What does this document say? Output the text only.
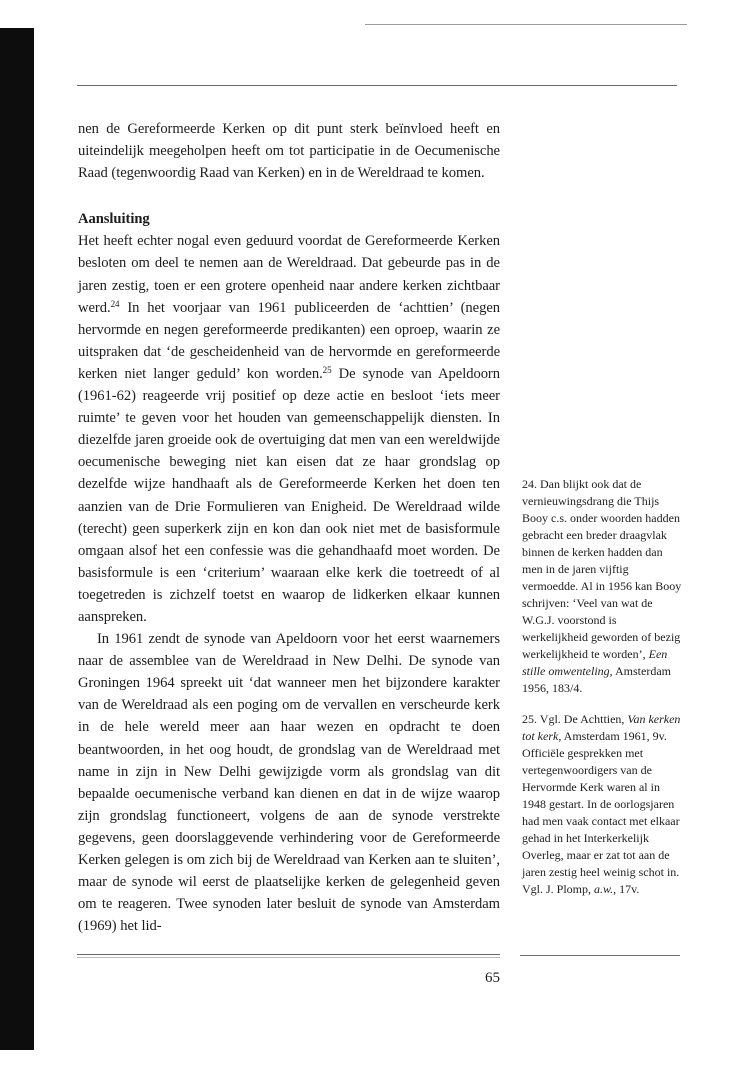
nen de Gereformeerde Kerken op dit punt sterk beïnvloed heeft en uiteindelijk meegeholpen heeft om tot participatie in de Oecumenische Raad (tegenwoordig Raad van Kerken) en in de Wereldraad te komen.

Aansluiting

Het heeft echter nogal even geduurd voordat de Gereformeerde Kerken besloten om deel te nemen aan de Wereldraad. Dat gebeurde pas in de jaren zestig, toen er een grotere openheid naar andere kerken zichtbaar werd.$^{24}$ In het voorjaar van 1961 publiceerden de ‘achttien’ (negen hervormde en negen gereformeerde predikanten) een oproep, waarin ze uitspraken dat ‘de gescheidenheid van de hervormde en gereformeerde kerken niet langer geduld’ kon worden.$^{25}$ De synode van Apeldoorn (1961-62) reageerde vrij positief op deze actie en besloot ‘iets meer ruimte’ te geven voor het houden van gemeenschappelijk diensten. In diezelfde jaren groeide ook de overtuiging dat men van een wereldwijde oecumenische beweging niet kan eisen dat ze haar grondslag op dezelfde wijze handhaaft als de Gereformeerde Kerken het doen ten aanzien van de Drie Formulieren van Enigheid. De Wereldraad wilde (terecht) geen superkerk zijn en kon dan ook niet met de basisformule omgaan alsof het een confessie was die gehandhaafd moet worden. De basisformule is een ‘criterium’ waaraan elke kerk die toetreedt of al toegetreden is zichzelf toetst en waarop de lidkerken elkaar kunnen aanspreken.

In 1961 zendt de synode van Apeldoorn voor het eerst waarnemers naar de assemblee van de Wereldraad in New Delhi. De synode van Groningen 1964 spreekt uit ‘dat wanneer men het bijzondere karakter van de Wereldraad als een poging om de vervallen en verscheurde kerk in de hele wereld meer aan haar wezen en opdracht te doen beantwoorden, in het oog houdt, de grondslag van de Wereldraad met name in zijn in New Delhi gewijzigde vorm als grondslag van dit bepaalde oecumenische verband kan dienen en dat in de wijze waarop zijn grondslag functioneert, volgens de aan de synode verstrekte gegevens, geen doorslaggevende verhindering voor de Gereformeerde Kerken gelegen is om zich bij de Wereldraad van Kerken aan te sluiten’, maar de synode wil eerst de plaatselijke kerken de gelegenheid geven om te reageren. Twee synoden later besluit de synode van Amsterdam (1969) het lid-

24. Dan blijkt ook dat de vernieuwingsdrang die Thijs Booy c.s. onder woorden hadden gebracht een breder draagvlak binnen de kerken hadden dan men in de jaren vijftig vermoedde. Al in 1956 kan Booy schrijven: ‘Veel van wat de W.G.J. voorstond is werkelijkheid geworden of bezig werkelijkheid te worden’, Een stille omwenteling, Amsterdam 1956, 183/4.

25. Vgl. De Achttien, Van kerken tot kerk, Amsterdam 1961, 9v. Officiële gesprekken met vertegenwoordigers van de Hervormde Kerk waren al in 1948 gestart. In de oorlogsjaren had men vaak contact met elkaar gehad in het Interkerkelijk Overleg, maar er zat tot aan de jaren zestig heel weinig schot in. Vgl. J. Plomp, a.w., 17v.

65
